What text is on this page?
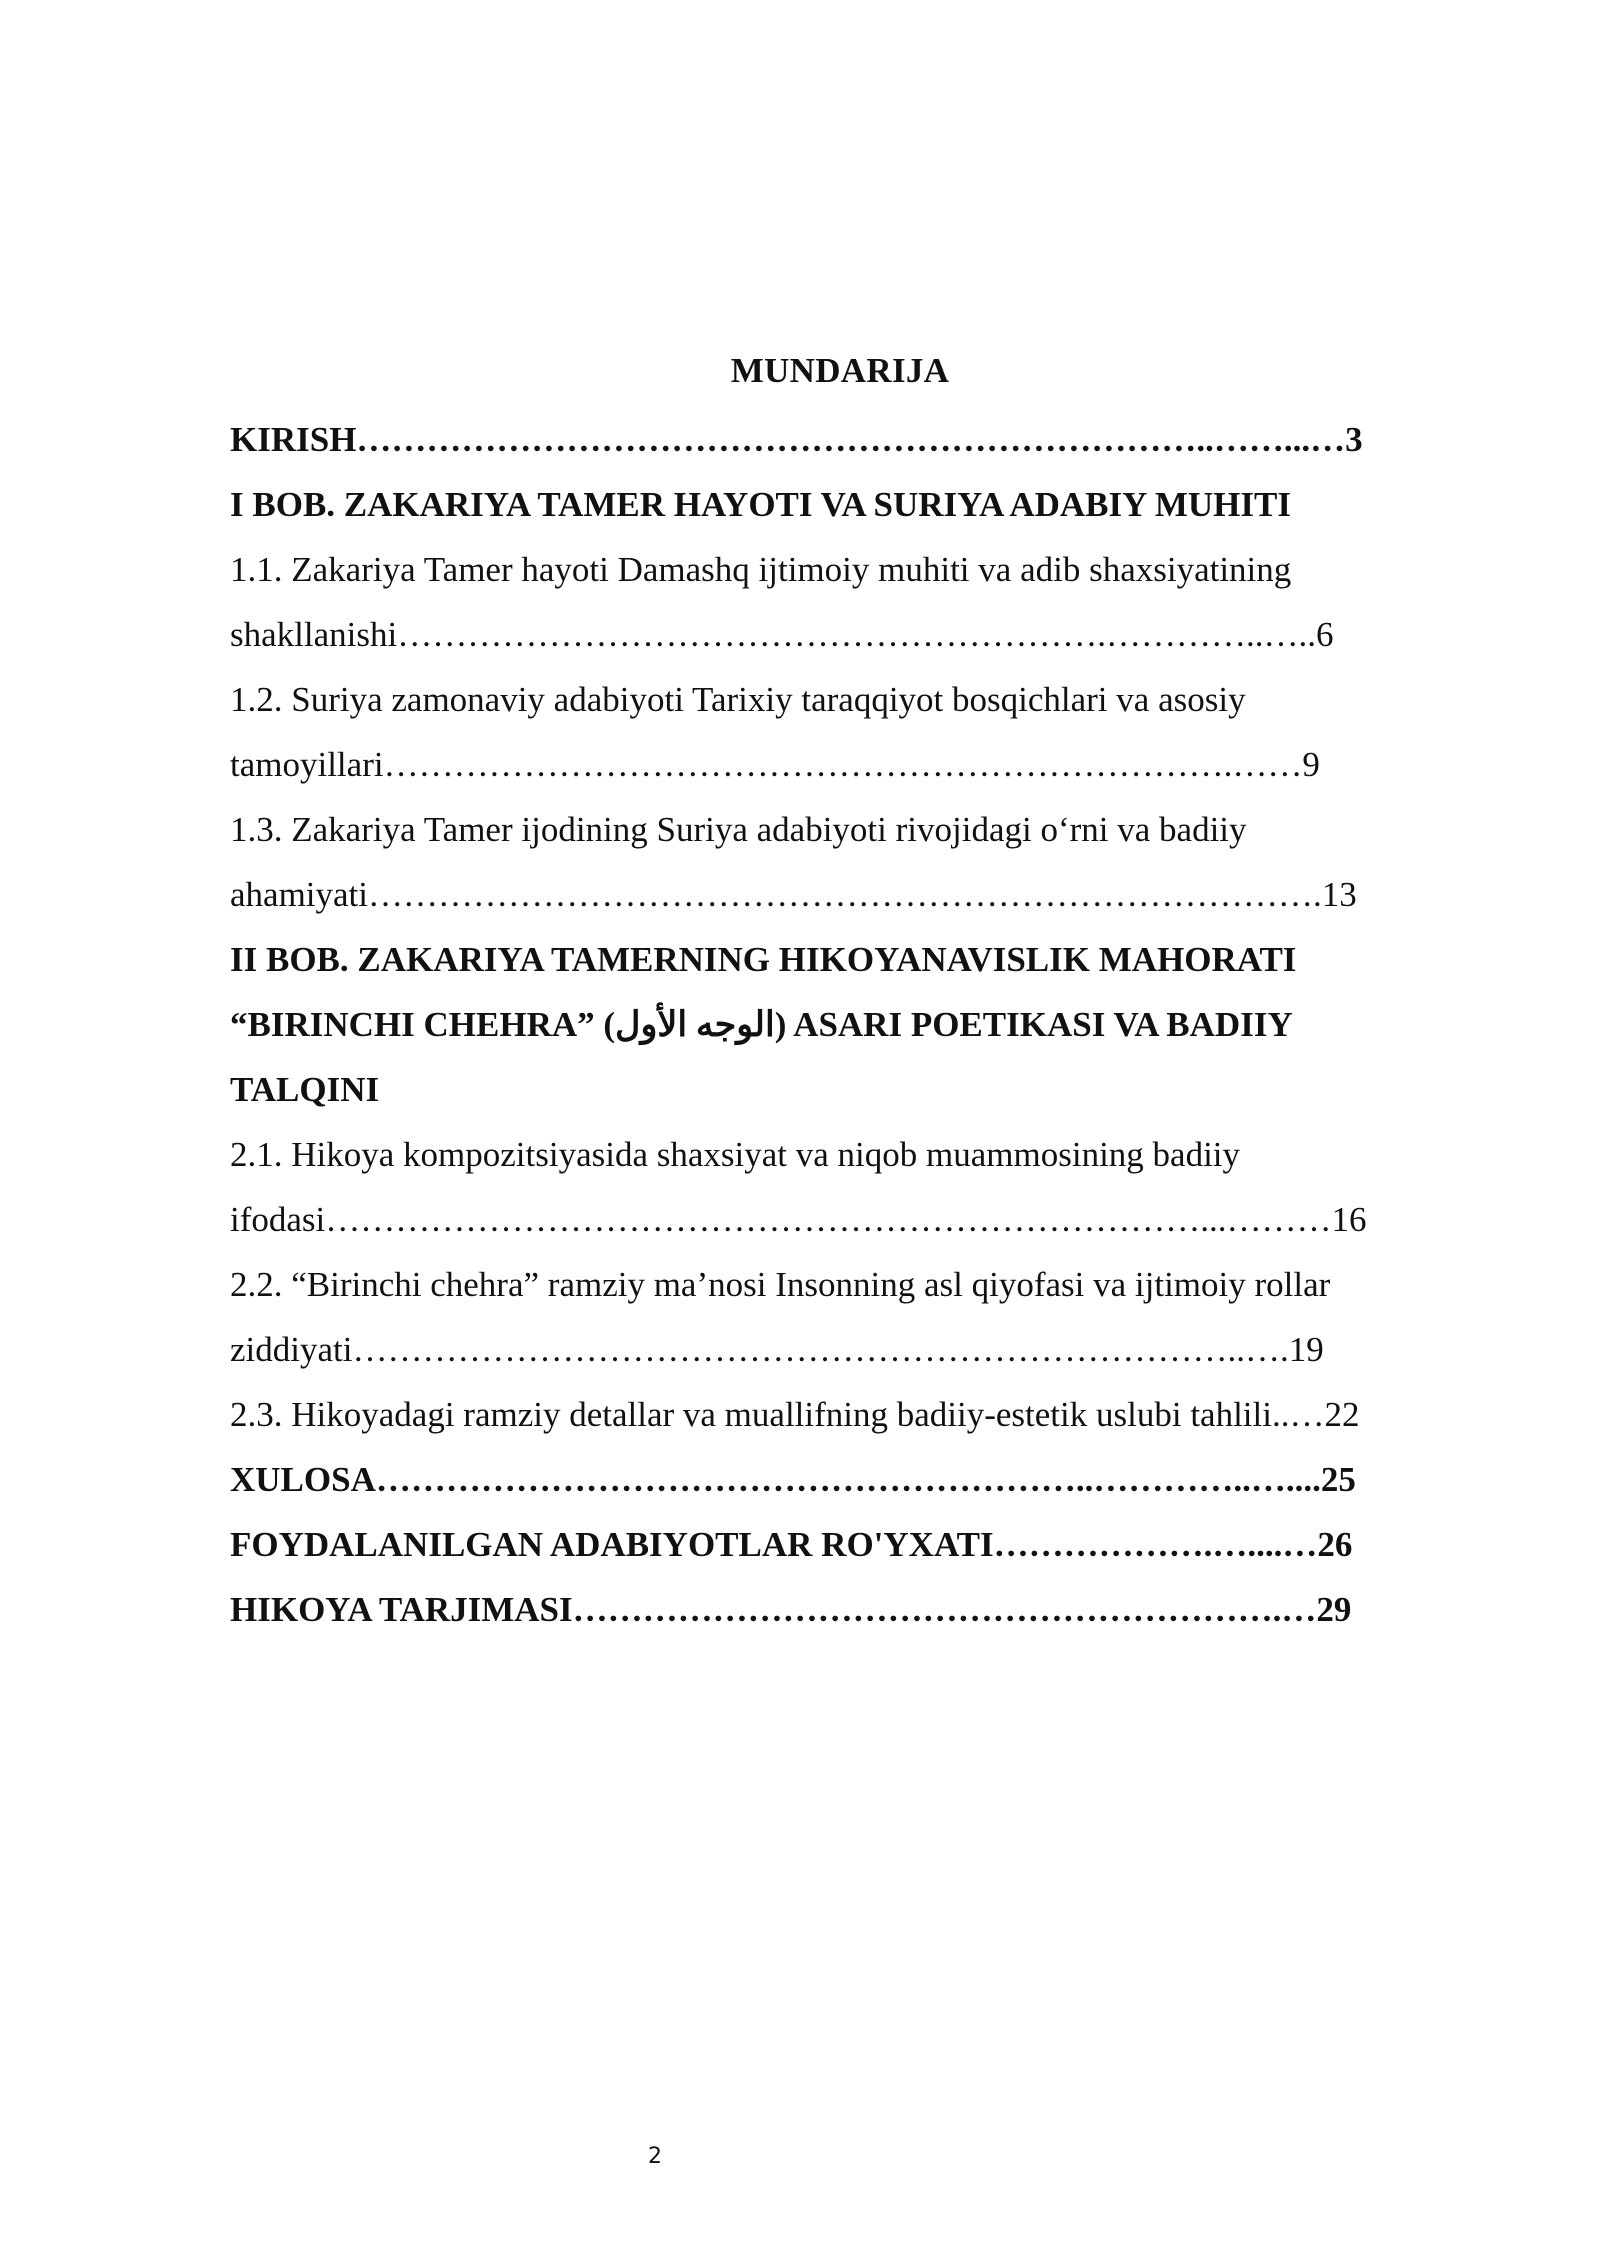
MUNDARIJA
KIRISH………………………………………………………………..……...…3
I BOB. ZAKARIYA TAMER HAYOTI VA SURIYA ADABIY MUHITI
1.1. Zakariya Tamer hayoti Damashq ijtimoiy muhiti va adib shaxsiyatining
shakllanishi…………………………………………………….…………..…..6
1.2. Suriya zamonaviy adabiyoti Tarixiy taraqqiyot bosqichlari va asosiy
tamoyillari……………………………………………………………….……9
1.3. Zakariya Tamer ijodining Suriya adabiyoti rivojidagi o‘rni va badiiy
ahamiyati……………………………………………………………………….13
II BOB. ZAKARIYA TAMERNING HIKOYANAVISLIK MAHORATI
“BIRINCHI CHEHRA” (الوجه الأول) ASARI POETIKASI VA BADIIY
TALQINI
2.1. Hikoya kompozitsiyasida shaxsiyat va niqob muammosining badiiy
ifodasi…………………………………………………………………...………16
2.2. “Birinchi chehra” ramziy ma’nosi Insonning asl qiyofasi va ijtimoiy rollar
ziddiyati…………………………………………………………………..….19
2.3. Hikoyadagi ramziy detallar va muallifning badiiy-estetik uslubi tahlili..…22
XULOSA……………………………………………………..…………..…....25
FOYDALANILGAN ADABIYOTLAR RO'YXATI……………….…....…26
HIKOYA TARJIMASI…………………………………………………….…29
2
